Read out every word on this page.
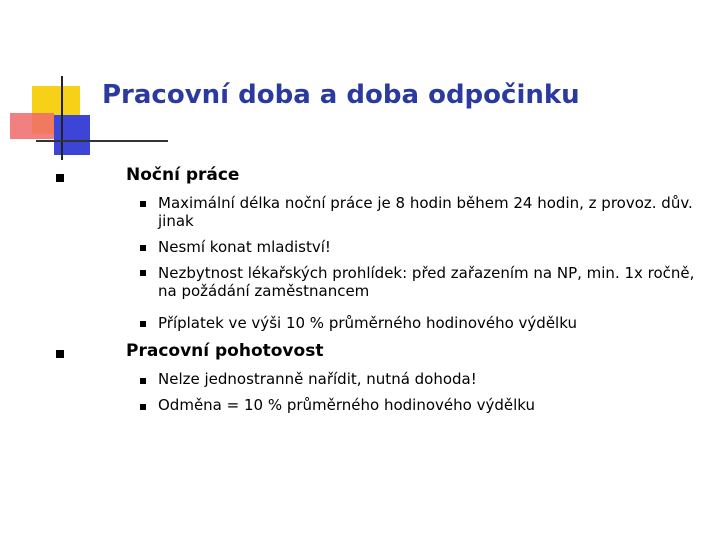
Pracovní doba a doba odpočinku
Noční práce
Maximální délka noční práce je 8 hodin během 24 hodin, z provoz. dův. jinak
Nesmí konat mladiství!
Nezbytnost lékařských prohlídek: před zařazením na NP, min. 1x ročně, na požádání zaměstnancem
Příplatek ve výši 10 % průměrného hodinového výdělku
Pracovní pohotovost
Nelze jednostranně nařídit, nutná dohoda!
Odměna = 10 % průměrného hodinového výdělku
